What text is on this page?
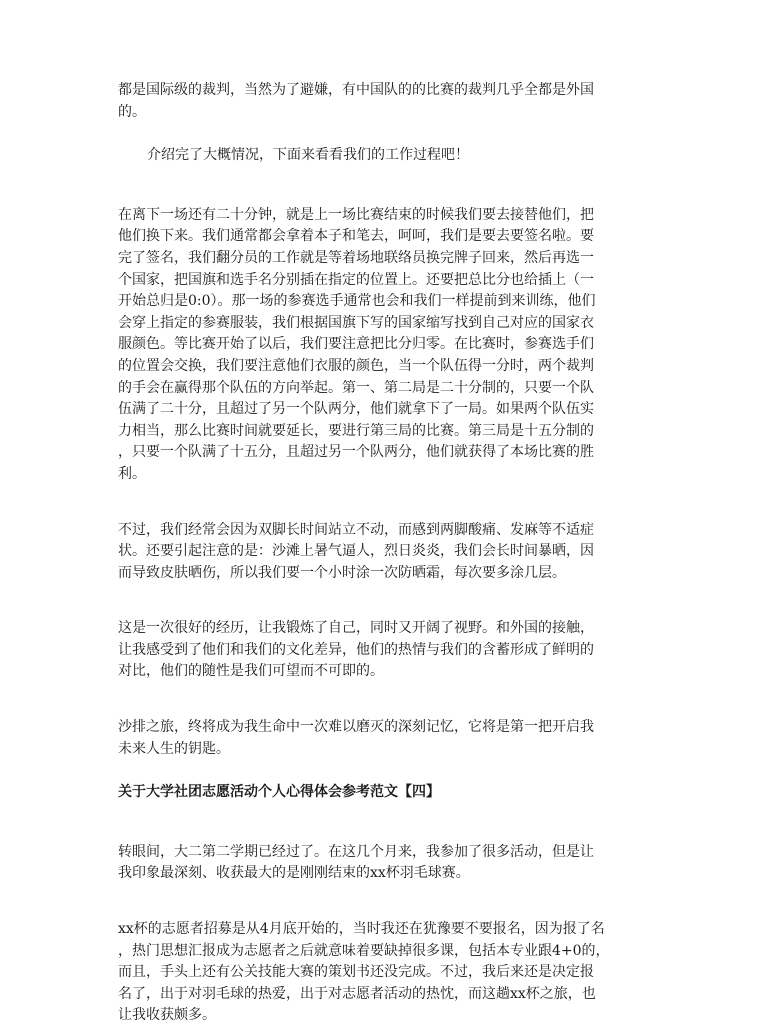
都是国际级的裁判，当然为了避嫌，有中国队的的比赛的裁判几乎全都是外国
的。

介绍完了大概情况，下面来看看我们的工作过程吧！

在离下一场还有二十分钟，就是上一场比赛结束的时候我们要去接替他们，把
他们换下来。我们通常都会拿着本子和笔去，呵呵，我们是要去要签名啦。要
完了签名，我们翻分员的工作就是等着场地联络员换完牌子回来，然后再选一
个国家，把国旗和选手名分别插在指定的位置上。还要把总比分也给插上（一
开始总归是0:0）。那一场的参赛选手通常也会和我们一样提前到来训练，他们
会穿上指定的参赛服装，我们根据国旗下写的国家缩写找到自己对应的国家衣
服颜色。等比赛开始了以后，我们要注意把比分归零。在比赛时，参赛选手们
的位置会交换，我们要注意他们衣服的颜色，当一个队伍得一分时，两个裁判
的手会在赢得那个队伍的方向举起。第一、第二局是二十分制的，只要一个队
伍满了二十分，且超过了另一个队两分，他们就拿下了一局。如果两个队伍实
力相当，那么比赛时间就要延长，要进行第三局的比赛。第三局是十五分制的
，只要一个队满了十五分，且超过另一个队两分，他们就获得了本场比赛的胜
利。

不过，我们经常会因为双脚长时间站立不动，而感到两脚酸痛、发麻等不适症
状。还要引起注意的是：沙滩上暑气逼人，烈日炎炎，我们会长时间暴晒，因
而导致皮肤晒伤，所以我们要一个小时涂一次防晒霜，每次要多涂几层。

这是一次很好的经历，让我锻炼了自己，同时又开阔了视野。和外国的接触，
让我感受到了他们和我们的文化差异，他们的热情与我们的含蓄形成了鲜明的
对比，他们的随性是我们可望而不可即的。

沙排之旅，终将成为我生命中一次难以磨灭的深刻记忆，它将是第一把开启我
未来人生的钥匙。

关于大学社团志愿活动个人心得体会参考范文【四】

转眼间，大二第二学期已经过了。在这几个月来，我参加了很多活动，但是让
我印象最深刻、收获最大的是刚刚结束的xx杯羽毛球赛。

xx杯的志愿者招募是从4月底开始的，当时我还在犹豫要不要报名，因为报了名
，热门思想汇报成为志愿者之后就意味着要缺掉很多课，包括本专业跟4+0的，
而且，手头上还有公关技能大赛的策划书还没完成。不过，我后来还是决定报
名了，出于对羽毛球的热爱，出于对志愿者活动的热忱，而这趟xx杯之旅，也
让我收获颇多。
